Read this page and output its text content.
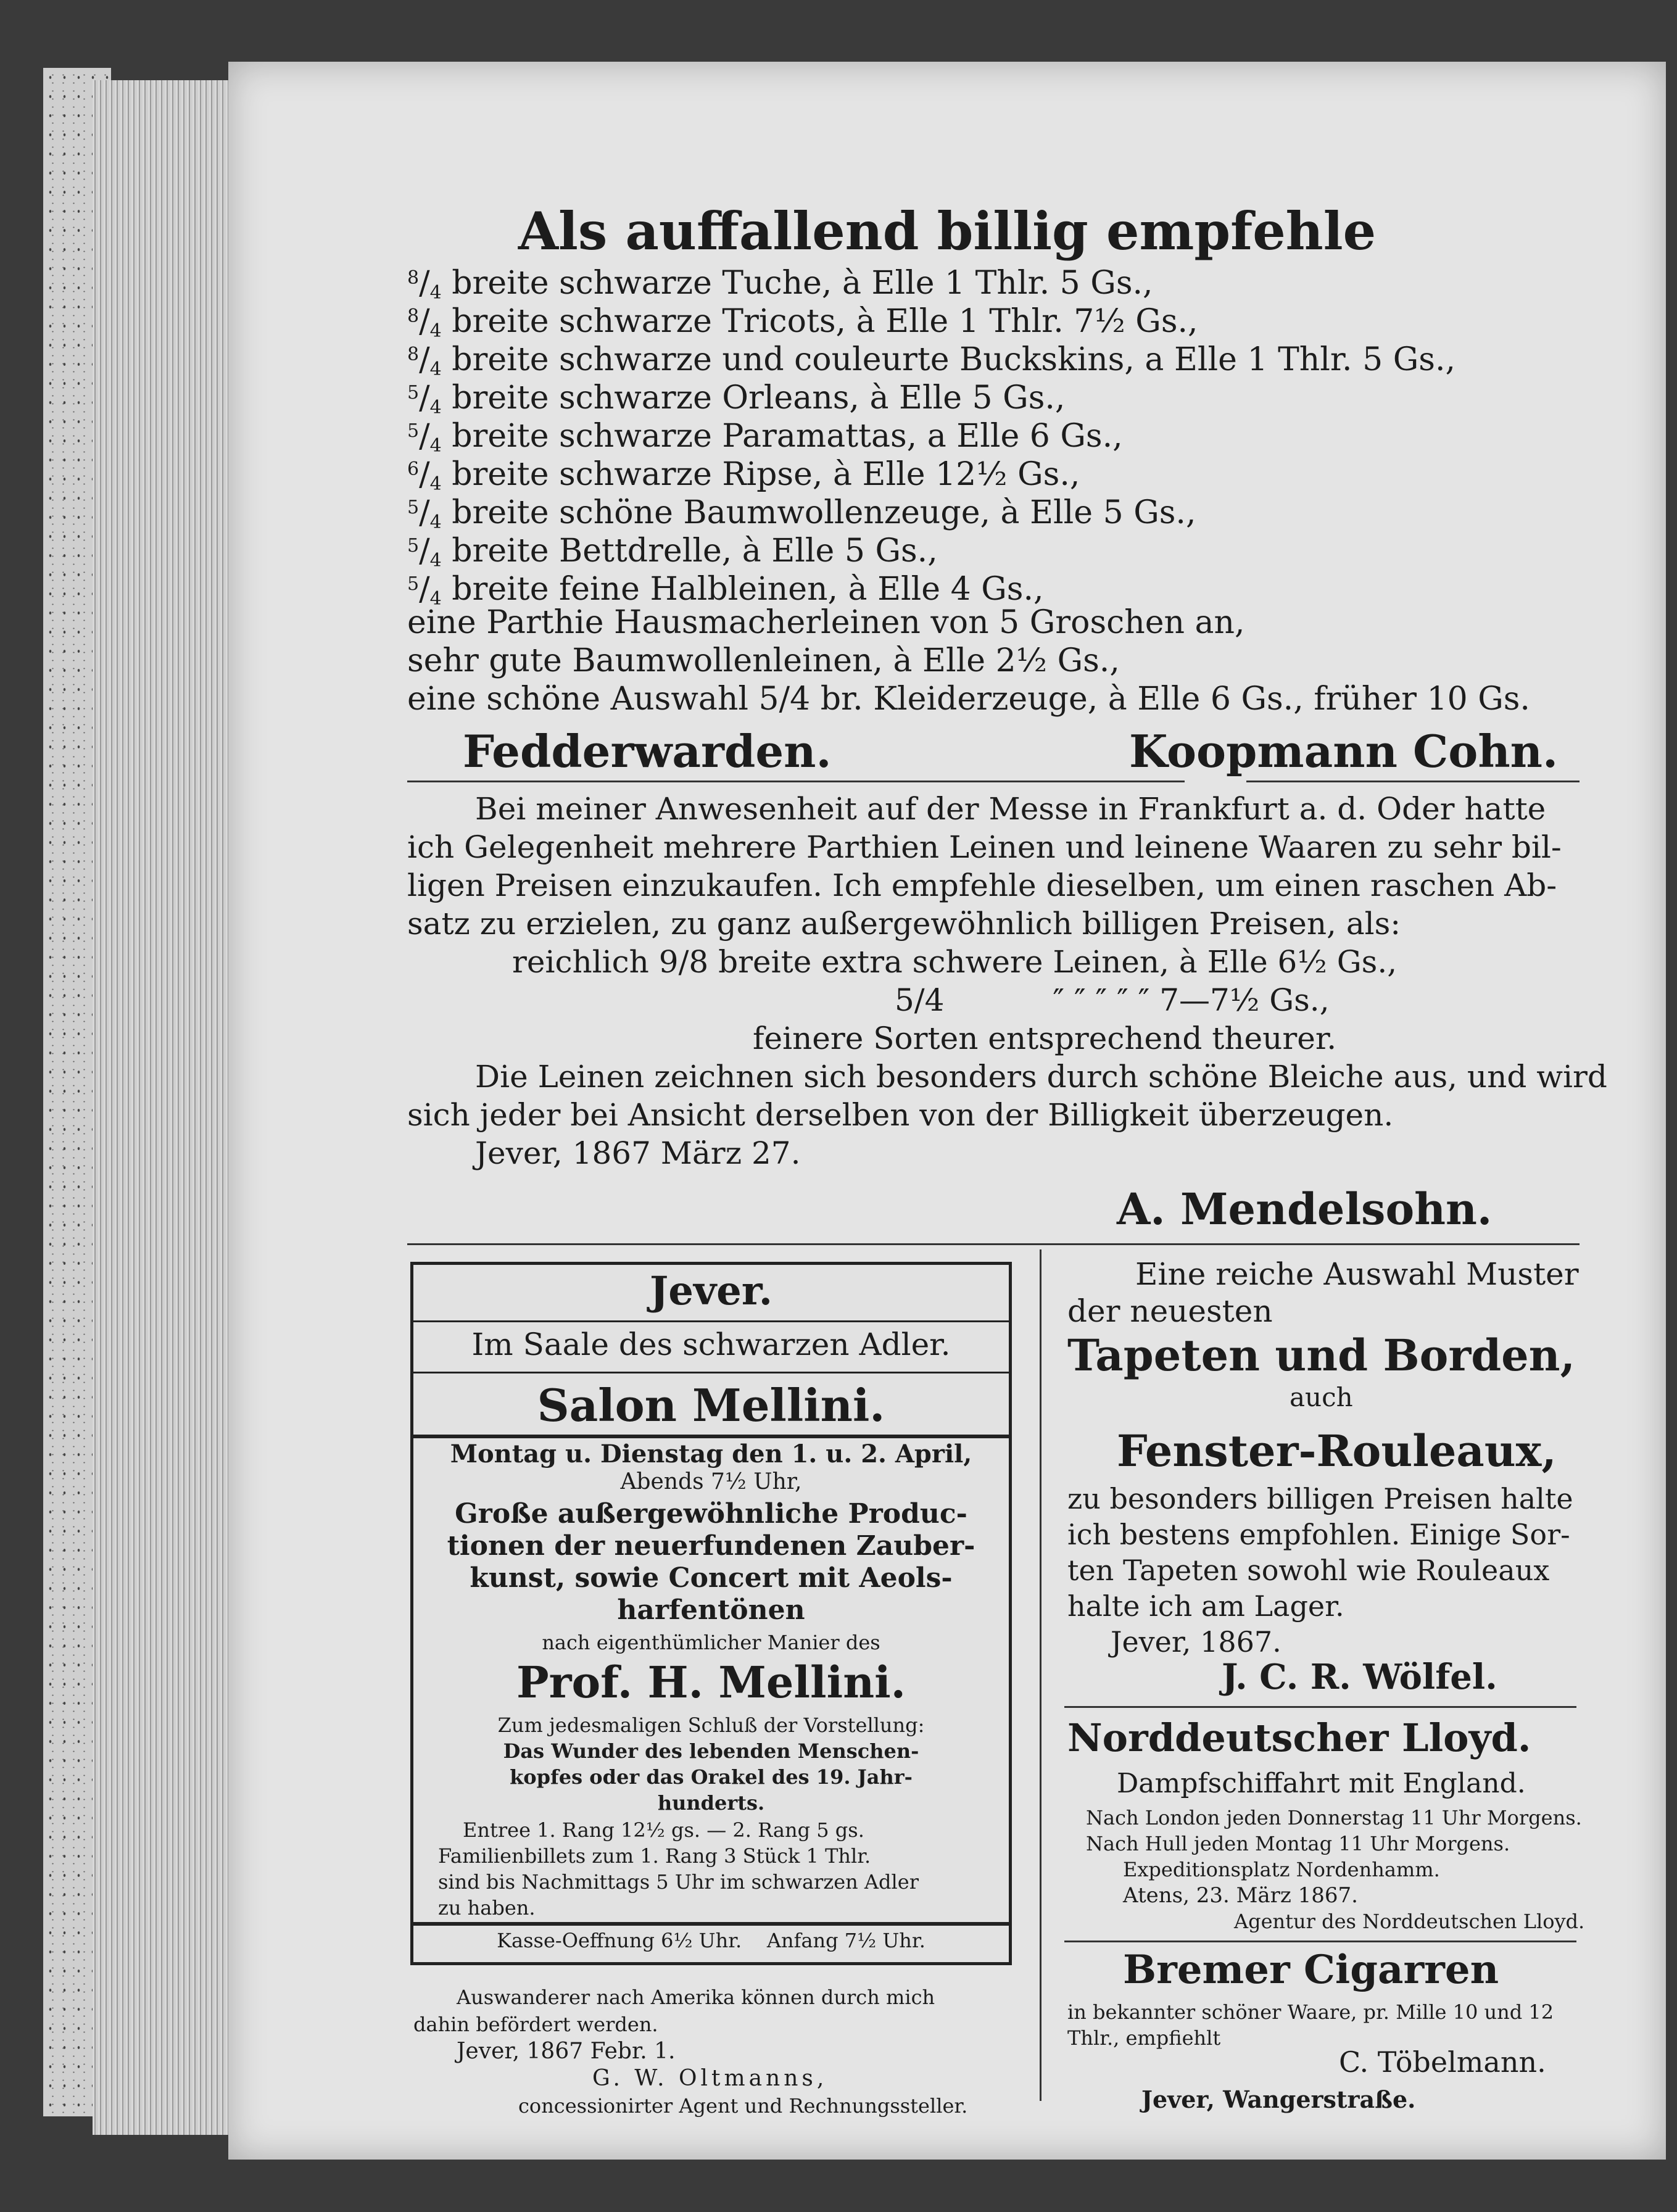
Als auffallend billig empfehle
$^8/_4$ breite schwarze Tuche, à Elle 1 Thlr. 5 Gs.,
$^8/_4$ breite schwarze Tricots, à Elle 1 Thlr. 7½ Gs.,
$^8/_4$ breite schwarze und couleurte Buckskins, a Elle 1 Thlr. 5 Gs.,
$^5/_4$ breite schwarze Orleans, à Elle 5 Gs.,
$^5/_4$ breite schwarze Paramattas, a Elle 6 Gs.,
$^6/_4$ breite schwarze Ripse, à Elle 12½ Gs.,
$^5/_4$ breite schöne Baumwollenzeuge, à Elle 5 Gs.,
$^5/_4$ breite Bettdrelle, à Elle 5 Gs.,
$^5/_4$ breite feine Halbleinen, à Elle 4 Gs.,
eine Parthie Hausmacherleinen von 5 Groschen an,
sehr gute Baumwollenleinen, à Elle 2½ Gs.,
eine schöne Auswahl 5/4 br. Kleiderzeuge, à Elle 6 Gs., früher 10 Gs.
Fedderwarden.	Koopmann Cohn.
Bei meiner Anwesenheit auf der Messe in Frankfurt a. d. Oder hatte
ich Gelegenheit mehrere Parthien Leinen und leinene Waaren zu sehr bil-
ligen Preisen einzukaufen. Ich empfehle dieselben, um einen raschen Ab-
satz zu erzielen, zu ganz außergewöhnlich billigen Preisen, als:
reichlich 9/8 breite extra schwere Leinen, à Elle 6½ Gs.,
5/4	″ ″ ″ ″ ″ 7—7½ Gs.,
feinere Sorten entsprechend theurer.
Die Leinen zeichnen sich besonders durch schöne Bleiche aus, und wird
sich jeder bei Ansicht derselben von der Billigkeit überzeugen.
Jever, 1867 März 27.
A. Mendelsohn.
Jever.
Im Saale des schwarzen Adler.
Salon Mellini.
Montag u. Dienstag den 1. u. 2. April,
Abends 7½ Uhr,
Große außergewöhnliche Produc-
tionen der neuerfundenen Zauber-
kunst, sowie Concert mit Aeols-
harfentönen
nach eigenthümlicher Manier des
Prof. H. Mellini.
Zum jedesmaligen Schluß der Vorstellung:
Das Wunder des lebenden Menschen-
kopfes oder das Orakel des 19. Jahr-
hunderts.
Entree 1. Rang 12½ gs. — 2. Rang 5 gs.
Familienbillets zum 1. Rang 3 Stück 1 Thlr.
sind bis Nachmittags 5 Uhr im schwarzen Adler
zu haben.
Kasse-Oeffnung 6½ Uhr.    Anfang 7½ Uhr.
Auswanderer nach Amerika können durch mich
dahin befördert werden.
Jever, 1867 Febr. 1.
G. W. Oltmanns,
concessionirter Agent und Rechnungssteller.
Eine reiche Auswahl Muster
der neuesten
Tapeten und Borden,
auch
Fenster-Rouleaux,
zu besonders billigen Preisen halte
ich bestens empfohlen. Einige Sor-
ten Tapeten sowohl wie Rouleaux
halte ich am Lager.
Jever, 1867.
J. C. R. Wölfel.
Norddeutscher Lloyd.
Dampfschiffahrt mit England.
Nach London jeden Donnerstag 11 Uhr Morgens.
Nach Hull jeden Montag 11 Uhr Morgens.
Expeditionsplatz Nordenhamm.
Atens, 23. März 1867.
Agentur des Norddeutschen Lloyd.
Bremer Cigarren
in bekannter schöner Waare, pr. Mille 10 und 12
Thlr., empfiehlt
C. Töbelmann.
Jever, Wangerstraße.
